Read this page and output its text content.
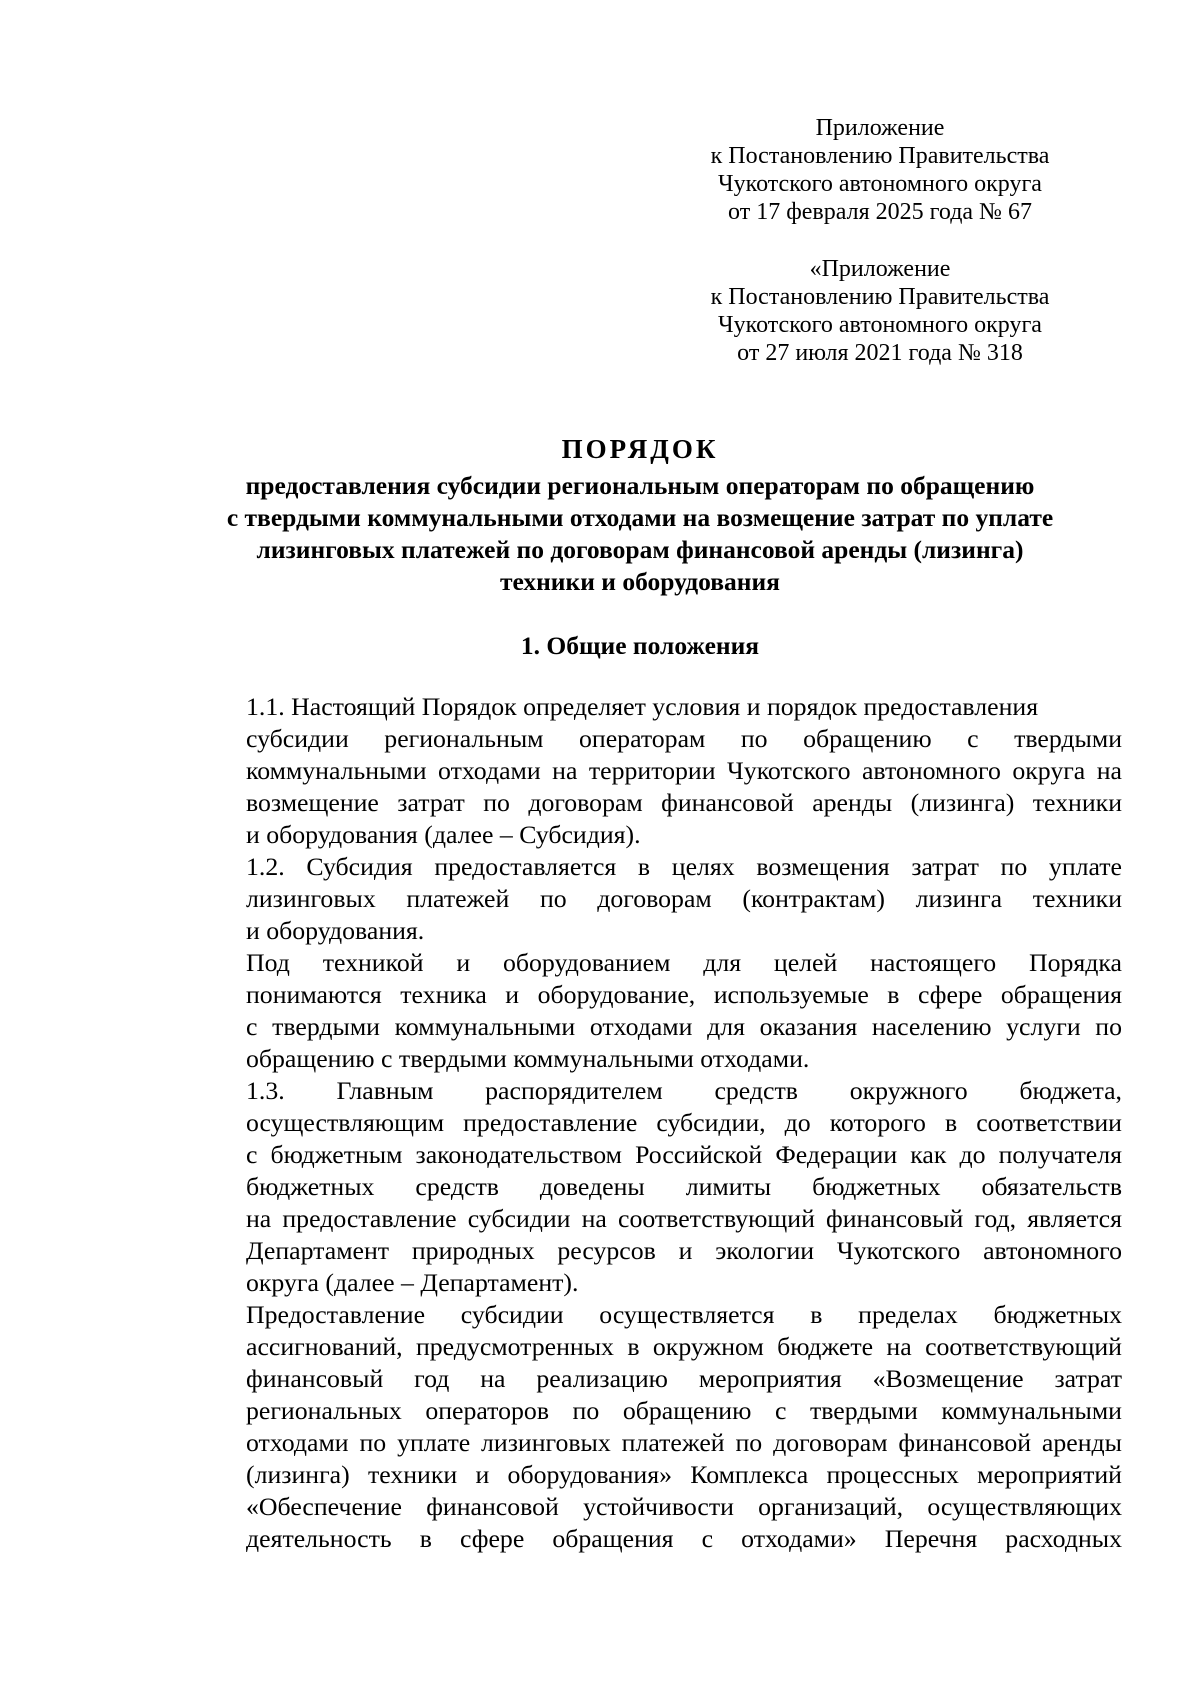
Приложение
к Постановлению Правительства
Чукотского автономного округа
от 17 февраля 2025 года № 67
«Приложение
к Постановлению Правительства
Чукотского автономного округа
от 27 июля 2021 года № 318

ПОРЯДОК

предоставления субсидии региональным операторам по обращению
с твердыми коммунальными отходами на возмещение затрат по уплате
лизинговых платежей по договорам финансовой аренды (лизинга)
техники и оборудования

1. Общие положения

1.1. Настоящий Порядок определяет условия и порядок предоставления
субсидии региональным операторам по обращению с твердыми
коммунальными отходами на территории Чукотского автономного округа на
возмещение затрат по договорам финансовой аренды (лизинга) техники
и оборудования (далее – Субсидия).

1.2. Субсидия предоставляется в целях возмещения затрат по уплате
лизинговых платежей по договорам (контрактам) лизинга техники
и оборудования.

Под техникой и оборудованием для целей настоящего Порядка
понимаются техника и оборудование, используемые в сфере обращения
с твердыми коммунальными отходами для оказания населению услуги по
обращению с твердыми коммунальными отходами.

1.3. Главным распорядителем средств окружного бюджета,
осуществляющим предоставление субсидии, до которого в соответствии
с бюджетным законодательством Российской Федерации как до получателя
бюджетных средств доведены лимиты бюджетных обязательств
на предоставление субсидии на соответствующий финансовый год, является
Департамент природных ресурсов и экологии Чукотского автономного
округа (далее – Департамент).

Предоставление субсидии осуществляется в пределах бюджетных
ассигнований, предусмотренных в окружном бюджете на соответствующий
финансовый год на реализацию мероприятия «Возмещение затрат
региональных операторов по обращению с твердыми коммунальными
отходами по уплате лизинговых платежей по договорам финансовой аренды
(лизинга) техники и оборудования» Комплекса процессных мероприятий
«Обеспечение финансовой устойчивости организаций, осуществляющих
деятельность в сфере обращения с отходами» Перечня расходных
